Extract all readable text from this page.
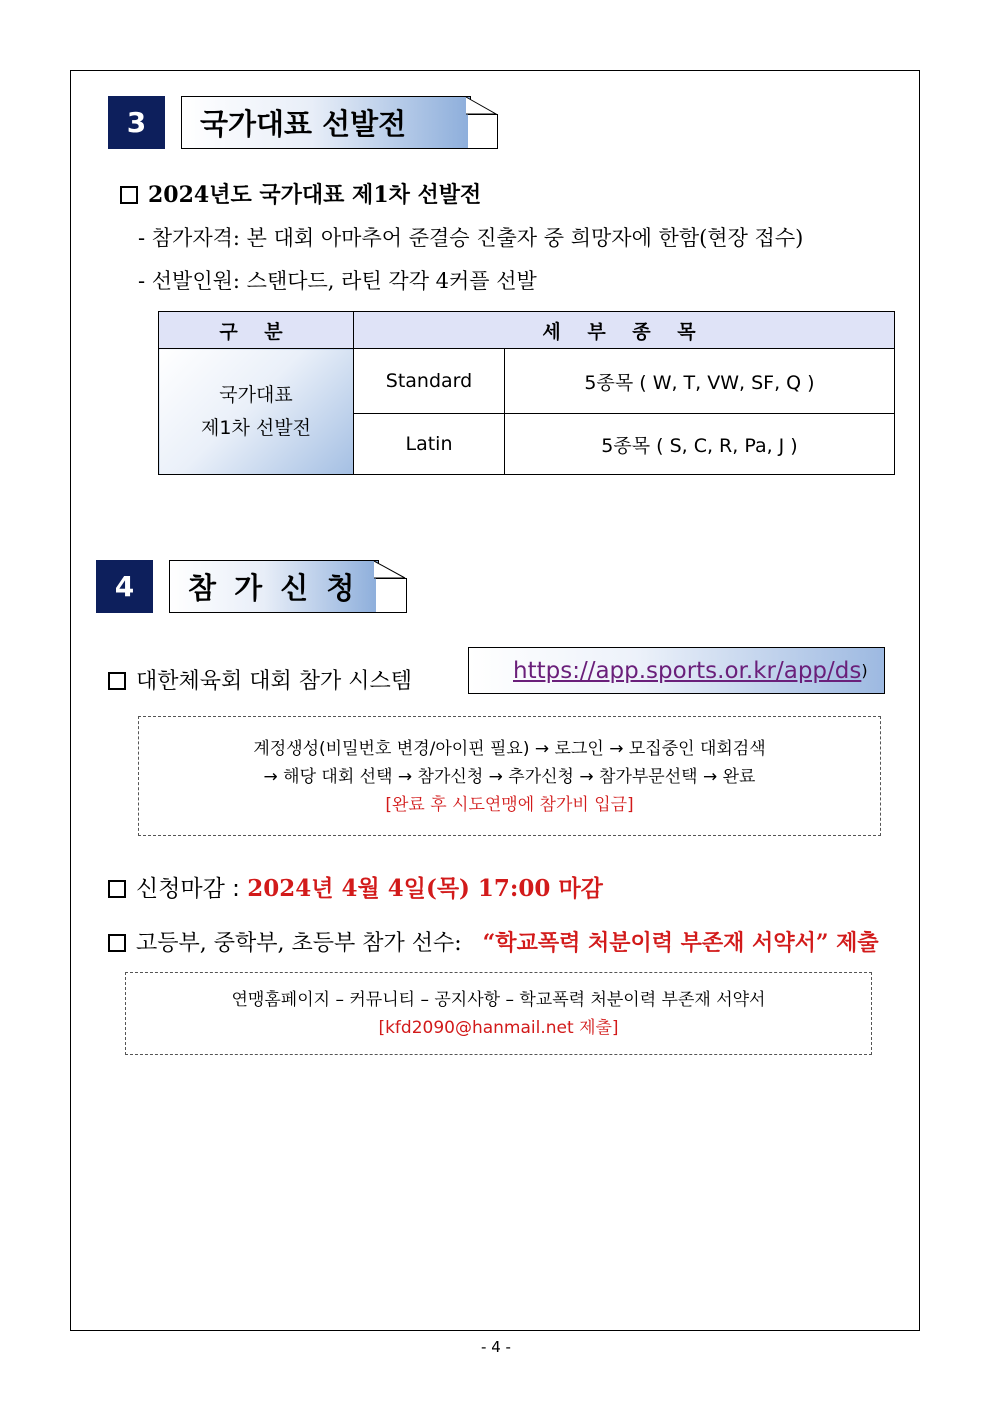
3	국가대표 선발전
2024년도 국가대표 제1차 선발전
- 참가자격: 본 대회 아마추어 준결승 진출자 중 희망자에 한함(현장 접수)
- 선발인원: 스탠다드, 라틴 각각 4커플 선발
구 분	세 부 종 목	

국가대표
제1차 선발전	Standard	5종목 ( W, T, VW, SF, Q )
	Latin	5종목 ( S, C, R, Pa, J )
4	참 가 신 청
대한체육회 대회 참가 시스템	https://app.sports.or.kr/app/ds )
계정생성(비밀번호 변경/아이핀 필요) → 로그인 → 모집중인 대회검색
→ 해당 대회 선택 → 참가신청 → 추가신청 → 참가부문선택 → 완료
[완료 후 시도연맹에 참가비 입금]
신청마감 : 2024년 4월 4일(목) 17:00 마감
고등부, 중학부, 초등부 참가 선수: “학교폭력 처분이력 부존재 서약서” 제출
연맹홈페이지 – 커뮤니티 – 공지사항 – 학교폭력 처분이력 부존재 서약서
[kfd2090@hanmail.net 제출]
- 4 -
